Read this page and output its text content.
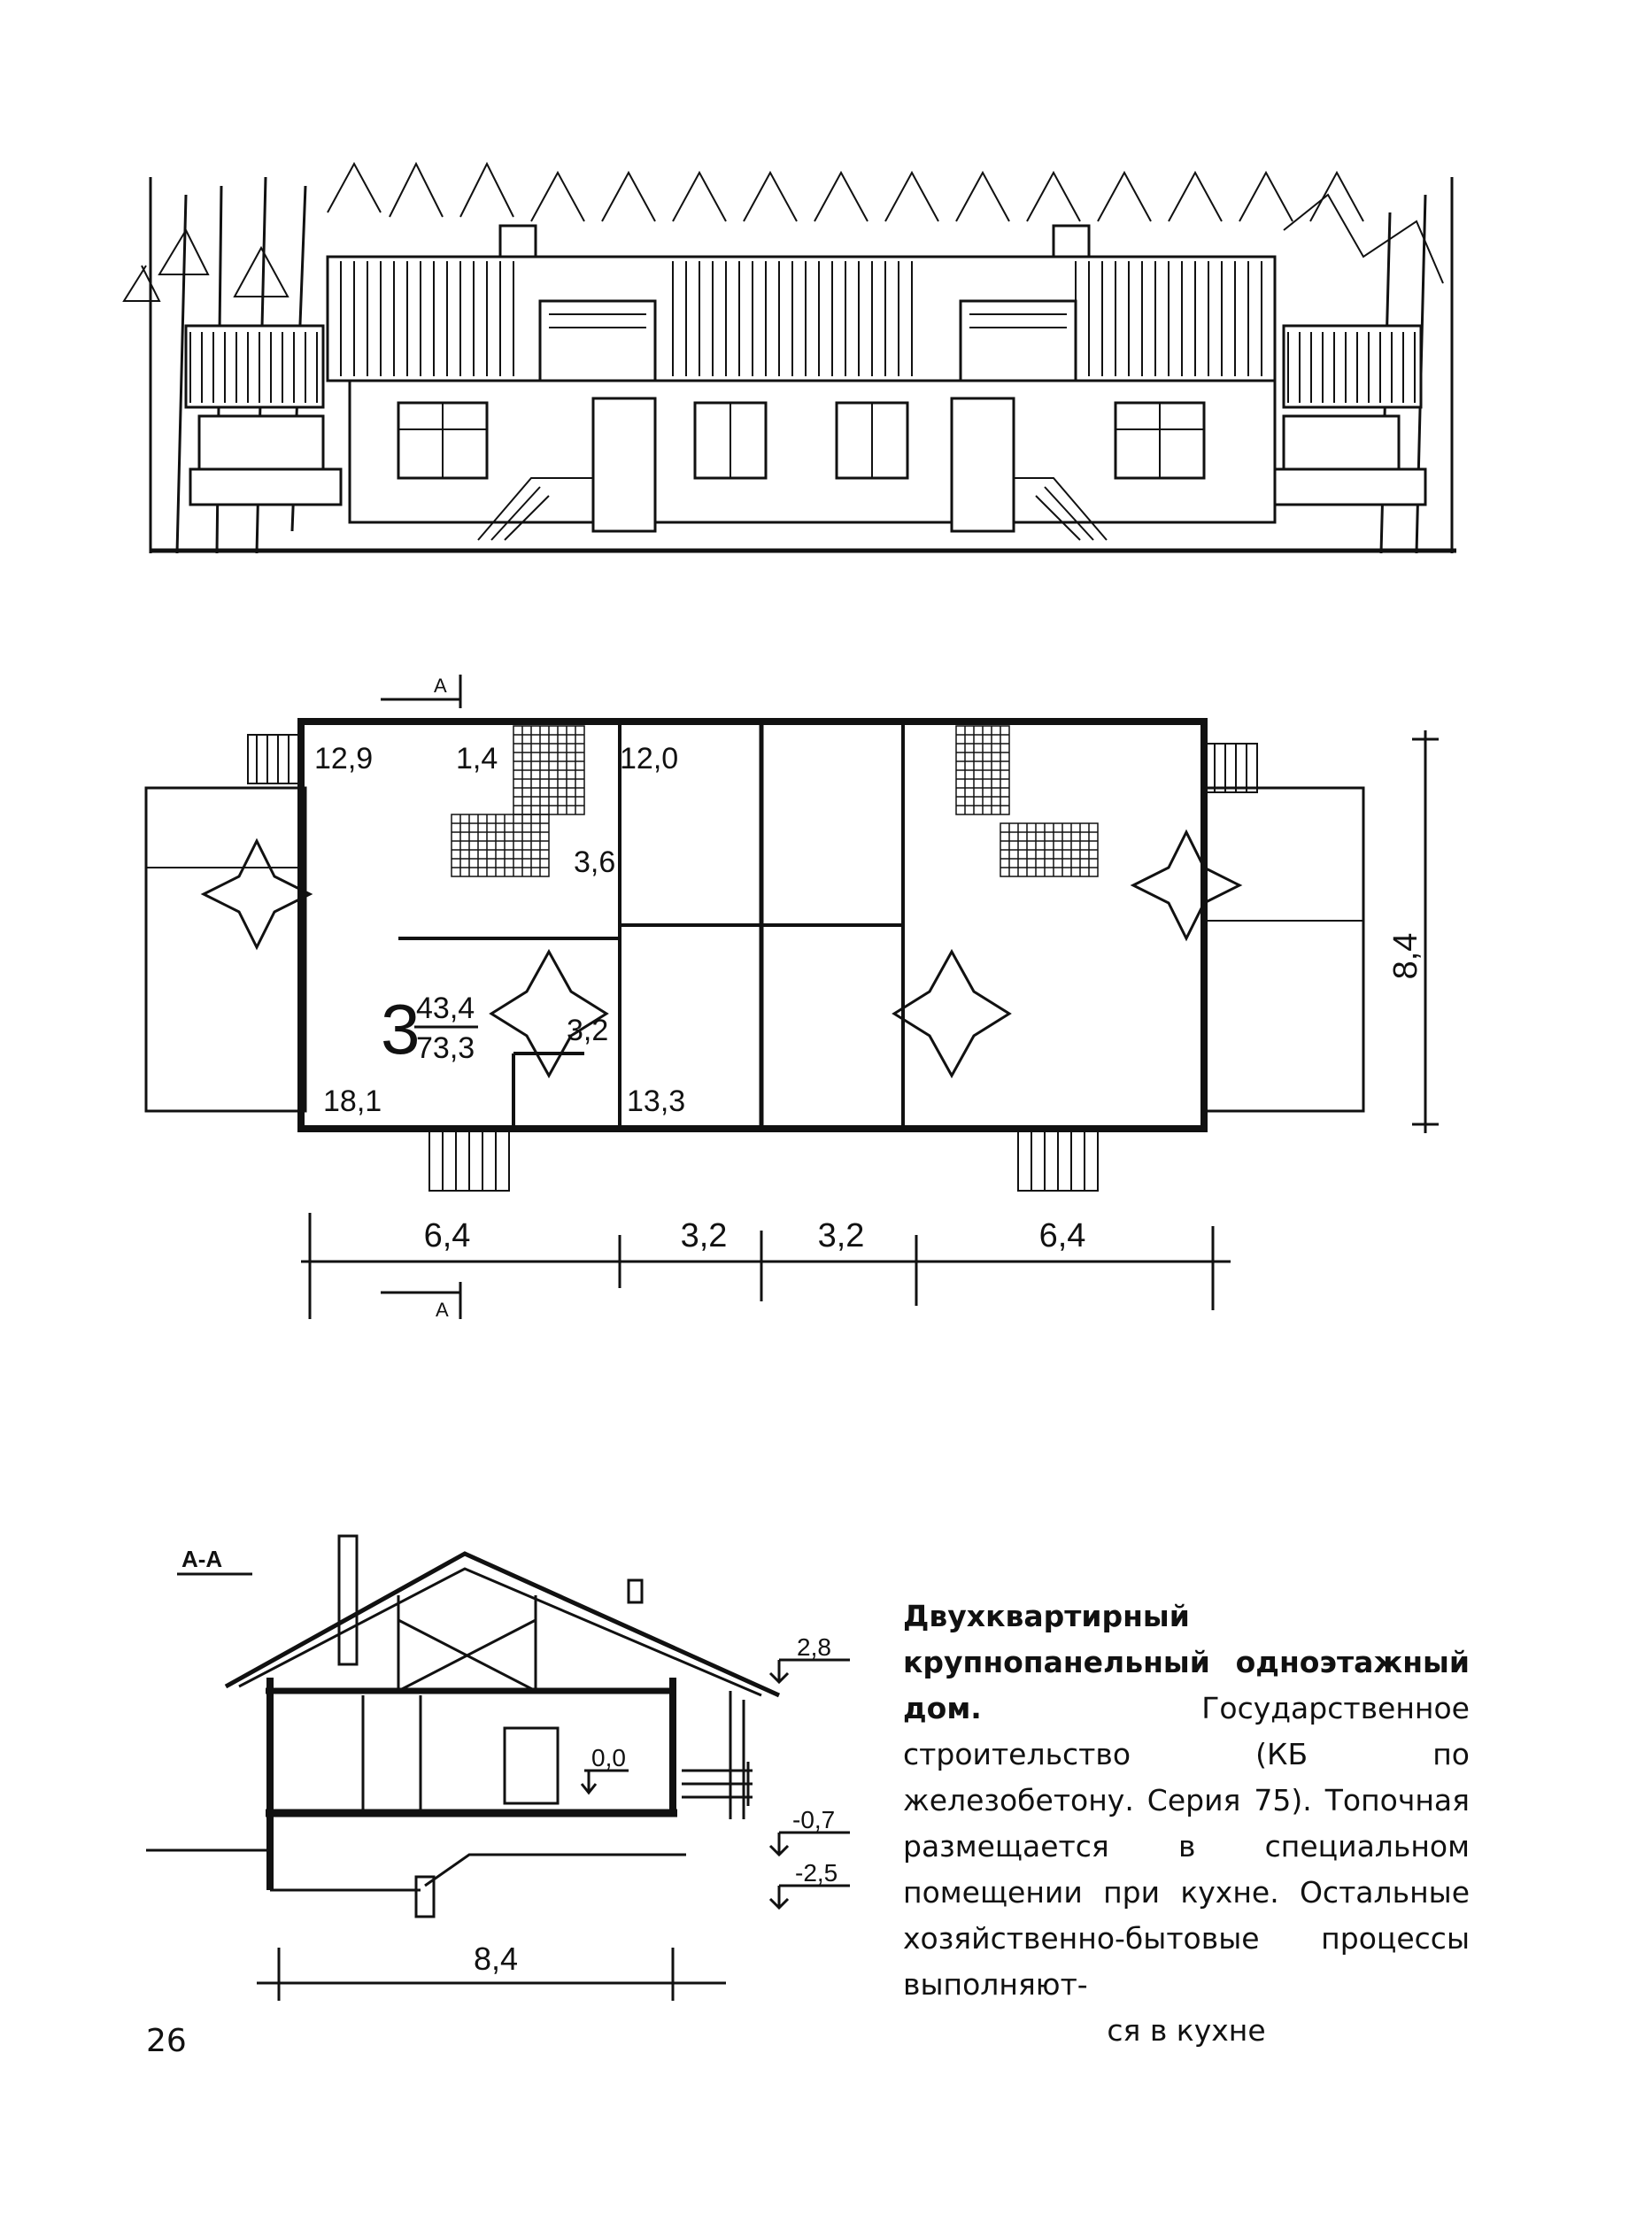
А
А
12,9	1,4	12,0
3,6
18,1
3,2
13,3
3
43,4
73,3
8,4
6,4	3,2	3,2	6,4
А-А
2,8
0,0
-0,7
-2,5
8,4
Двухквартирный крупнопанельный одноэтажный дом.	Государственное строительство (КБ по железобетону. Серия 75). Топочная размещается в специальном помещении при кухне. Остальные хозяйственно-бытовые процессы выполняют-
ся в кухне
26
